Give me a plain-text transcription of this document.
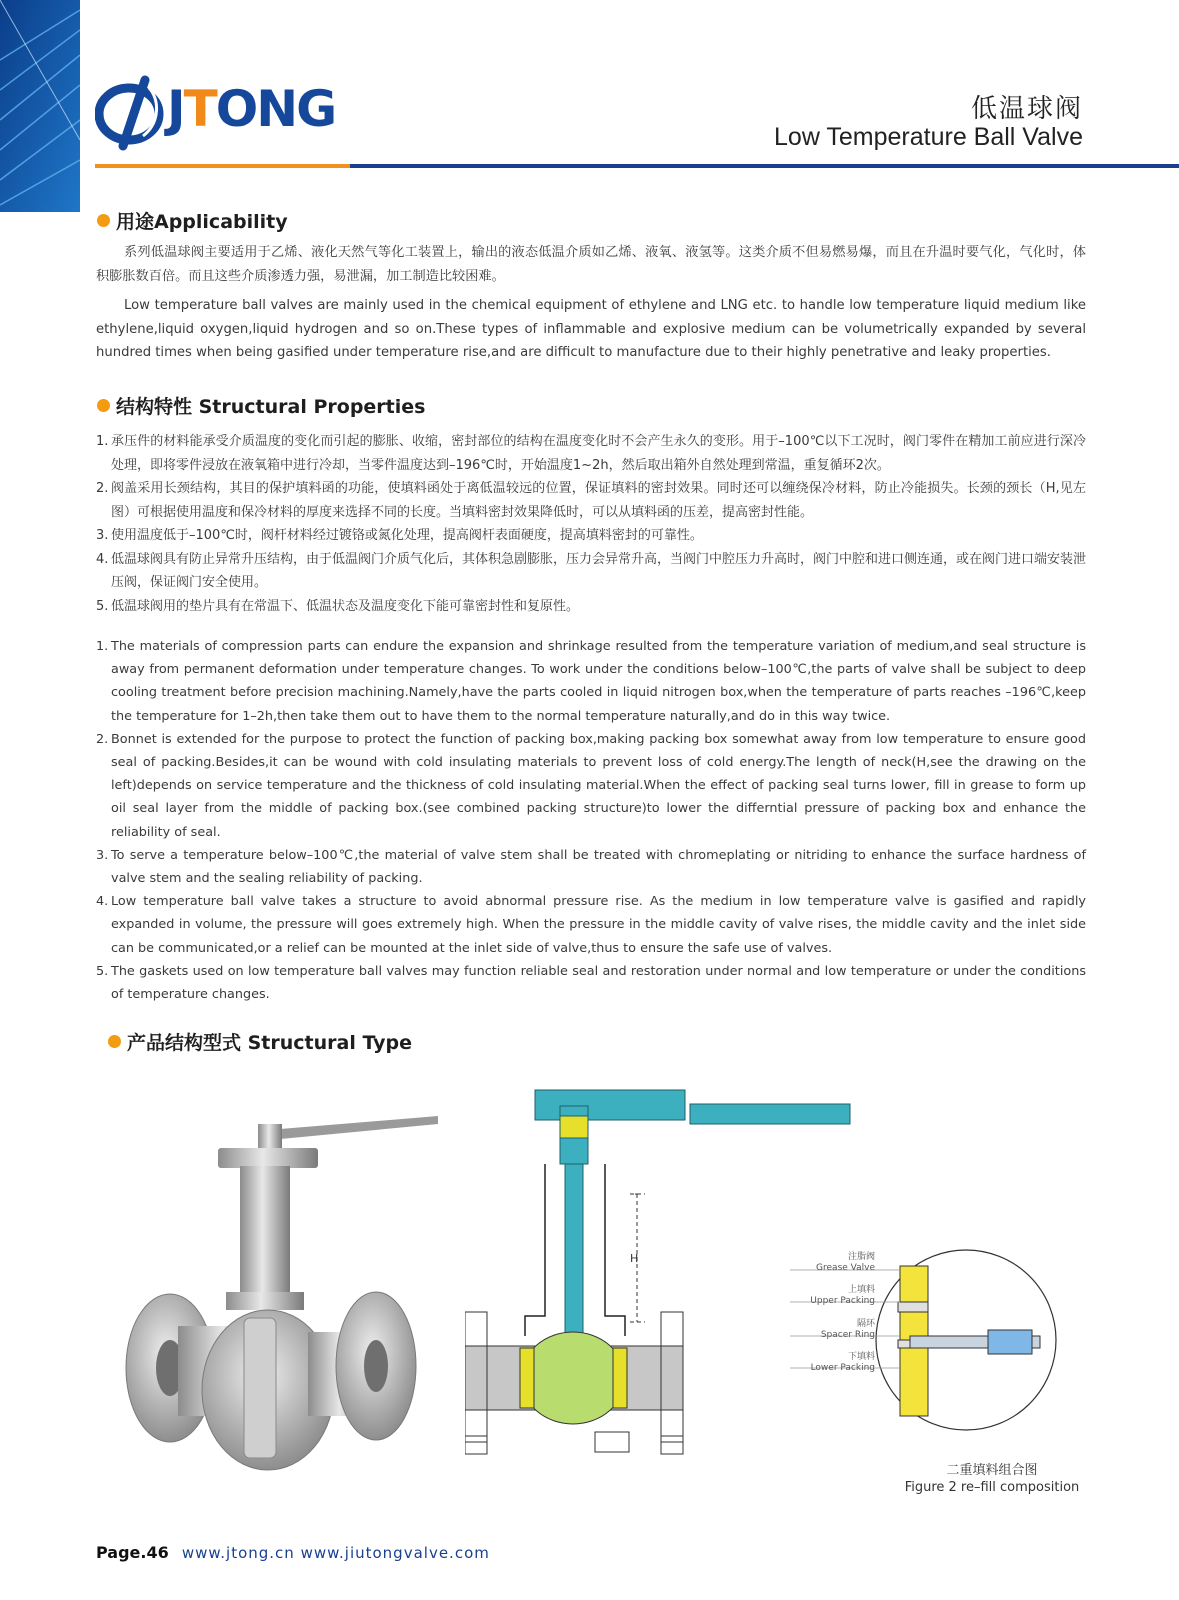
JTONG	低温球阀
Low Temperature Ball Valve
用途Applicability
系列低温球阀主要适用于乙烯、液化天然气等化工装置上，输出的液态低温介质如乙烯、液氧、液氢等。这类介质不但易燃易爆，而且在升温时要气化，气化时，体积膨胀数百倍。而且这些介质渗透力强，易泄漏，加工制造比较困难。
Low temperature ball valves are mainly used in the chemical equipment of ethylene and LNG etc. to handle low temperature liquid medium like ethylene,liquid oxygen,liquid hydrogen and so on.These types of inflammable and explosive medium can be volumetrically expanded by several hundred times when being gasified under temperature rise,and are difficult to manufacture due to their highly penetrative and leaky properties.
结构特性 Structural Properties
1. 承压件的材料能承受介质温度的变化而引起的膨胀、收缩，密封部位的结构在温度变化时不会产生永久的变形。用于–100℃以下工况时，阀门零件在精加工前应进行深冷处理，即将零件浸放在液氧箱中进行冷却，当零件温度达到–196℃时，开始温度1~2h，然后取出箱外自然处理到常温，重复循环2次。
2. 阀盖采用长颈结构，其目的保护填料函的功能，使填料函处于离低温较远的位置，保证填料的密封效果。同时还可以缠绕保冷材料，防止冷能损失。长颈的颈长（H,见左图）可根据使用温度和保冷材料的厚度来选择不同的长度。当填料密封效果降低时，可以从填料函的压差，提高密封性能。
3. 使用温度低于–100℃时，阀杆材料经过镀铬或氮化处理，提高阀杆表面硬度，提高填料密封的可靠性。
4. 低温球阀具有防止异常升压结构，由于低温阀门介质气化后，其体积急剧膨胀，压力会异常升高，当阀门中腔压力升高时，阀门中腔和进口侧连通，或在阀门进口端安装泄压阀，保证阀门安全使用。
5. 低温球阀用的垫片具有在常温下、低温状态及温度变化下能可靠密封性和复原性。
1. The materials of compression parts can endure the expansion and shrinkage resulted from the temperature variation of medium,and seal structure is away from permanent deformation under temperature changes. To work under the conditions below–100℃,the parts of valve shall be subject to deep cooling treatment before precision machining.Namely,have the parts cooled in liquid nitrogen box,when the temperature of parts reaches –196℃,keep the temperature for 1–2h,then take them out to have them to the normal temperature naturally,and do in this way twice.
2. Bonnet is extended for the purpose to protect the function of packing box,making packing box somewhat away from low temperature to ensure good seal of packing.Besides,it can be wound with cold insulating materials to prevent loss of cold energy.The length of neck(H,see the drawing on the left)depends on service temperature and the thickness of cold insulating material.When the effect of packing seal turns lower, fill in grease to form up oil seal layer from the middle of packing box.(see combined packing structure)to lower the differntial pressure of packing box and enhance the reliability of seal.
3. To serve a temperature below–100℃,the material of valve stem shall be treated with chromeplating or nitriding to enhance the surface hardness of valve stem and the sealing reliability of packing.
4. Low temperature ball valve takes a structure to avoid abnormal pressure rise. As the medium in low temperature valve is gasified and rapidly expanded in volume, the pressure will goes extremely high. When the pressure in the middle cavity of valve rises, the middle cavity and the inlet side can be communicated,or a relief can be mounted at the inlet side of valve,thus to ensure the safe use of valves.
5. The gaskets used on low temperature ball valves may function reliable seal and restoration under normal and low temperature or under the conditions of temperature changes.
产品结构型式 Structural Type
H	注脂阀
Grease Valve
上填料
Upper Packing
隔环
Spacer Ring
下填料
Lower Packing
二重填料组合图
Figure 2 re–fill composition
Page.46 www.jtong.cn www.jiutongvalve.com
